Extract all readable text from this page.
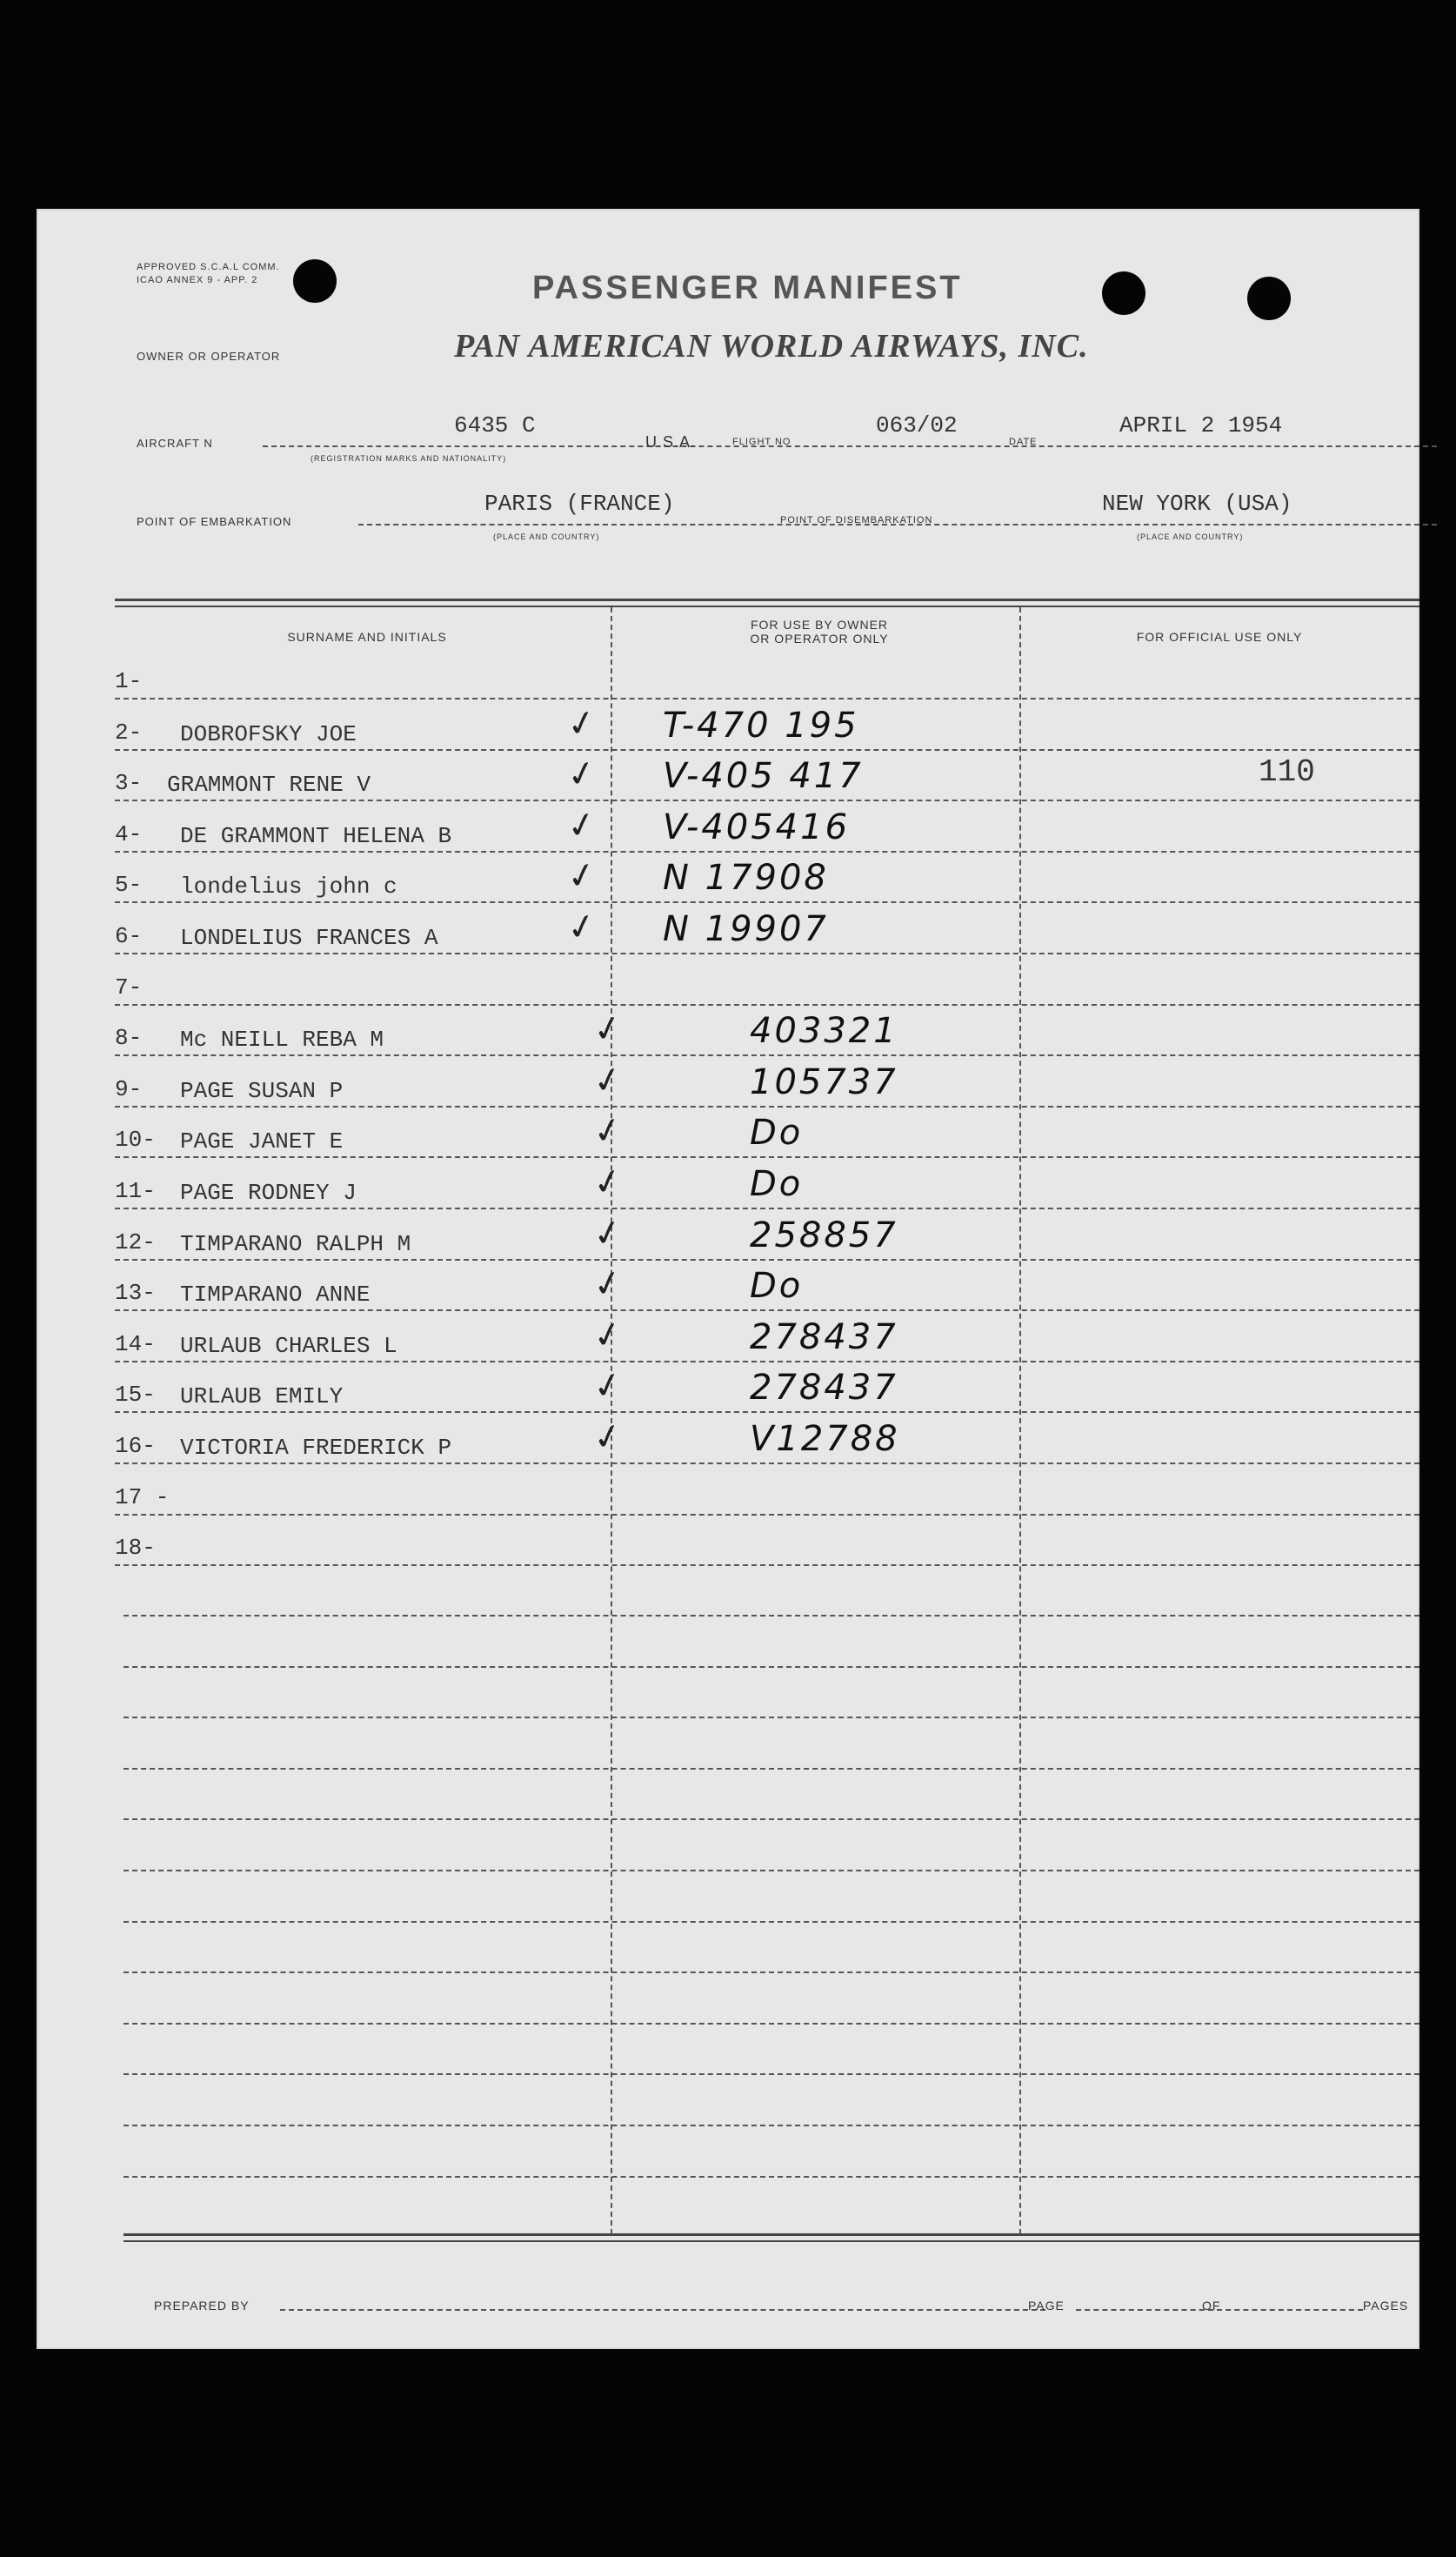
APPROVED S.C.A.L COMM. ICAO ANNEX 9 - APP. 2	PASSENGER MANIFEST
OWNER OR OPERATOR	PAN AMERICAN WORLD AIRWAYS, INC.
AIRCRAFT N
6435 C
(REGISTRATION MARKS AND NATIONALITY)
U.S.A.	FLIGHT NO
063/02
DATE
APRIL 2 1954
POINT OF EMBARKATION
PARIS (FRANCE)
(PLACE AND COUNTRY)
POINT OF DISEMBARKATION
NEW YORK (USA)
(PLACE AND COUNTRY)
SURNAME AND INITIALS
FOR USE BY OWNER
OR OPERATOR ONLY	FOR OFFICIAL USE ONLY
1-
2- DOBROFSKY JOE	✓ T-470 195
3- GRAMMONT RENE V	✓ V-405 417	110
4- DE GRAMMONT HELENA B	✓ V-405416
5- londelius john c	✓ N 17908
6- LONDELIUS FRANCES A	✓ N 19907
7-
8- Mc NEILL REBA M	✓	403321
9- PAGE SUSAN P	✓	105737
10- PAGE JANET E	✓	Do
11- PAGE RODNEY J	✓	Do
12- TIMPARANO RALPH M	✓	258857
13- TIMPARANO ANNE	✓	Do
14- URLAUB CHARLES L	✓	278437
15- URLAUB EMILY	✓	278437
16- VICTORIA FREDERICK P	✓	V12788
17 -
18-
PREPARED BY	PAGE	OF	PAGES
